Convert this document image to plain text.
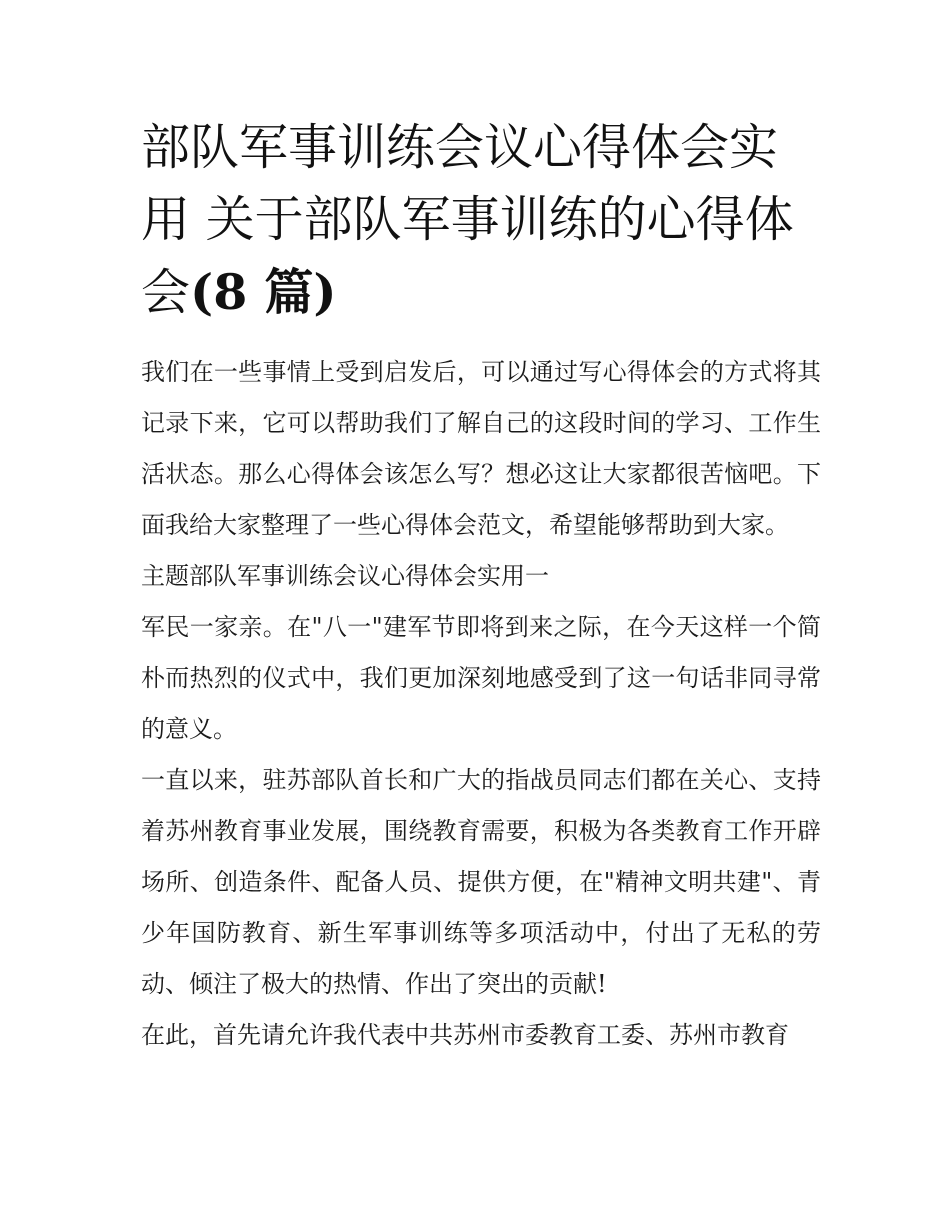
部队军事训练会议心得体会实用 关于部队军事训练的心得体会(8 篇)

我们在一些事情上受到启发后，可以通过写心得体会的方式将其记录下来，它可以帮助我们了解自己的这段时间的学习、工作生活状态。那么心得体会该怎么写？想必这让大家都很苦恼吧。下面我给大家整理了一些心得体会范文，希望能够帮助到大家。

主题部队军事训练会议心得体会实用一

军民一家亲。在"八一"建军节即将到来之际，在今天这样一个简朴而热烈的仪式中，我们更加深刻地感受到了这一句话非同寻常的意义。

一直以来，驻苏部队首长和广大的指战员同志们都在关心、支持着苏州教育事业发展，围绕教育需要，积极为各类教育工作开辟场所、创造条件、配备人员、提供方便，在"精神文明共建"、青少年国防教育、新生军事训练等多项活动中，付出了无私的劳动、倾注了极大的热情、作出了突出的贡献!

在此，首先请允许我代表中共苏州市委教育工委、苏州市教育
